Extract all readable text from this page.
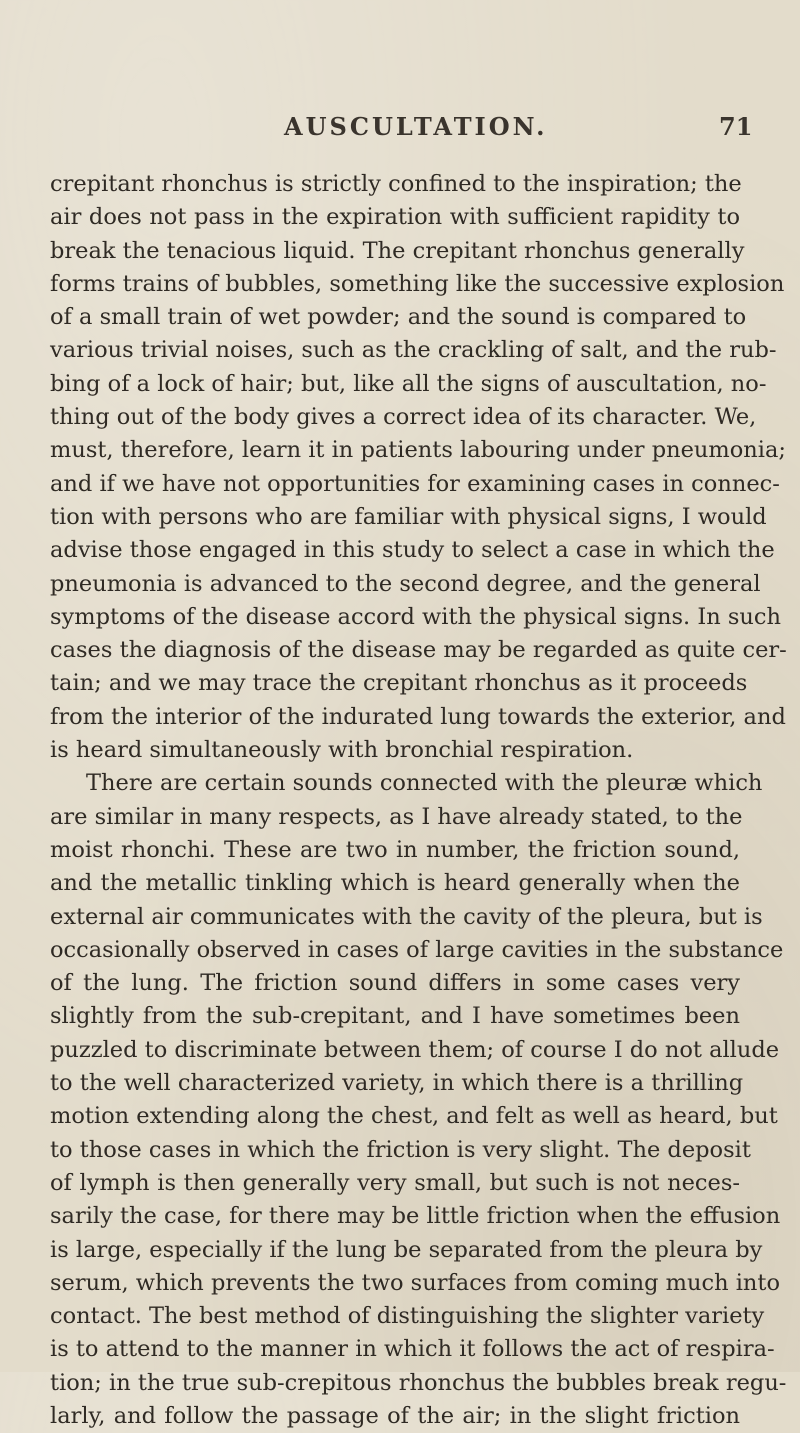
AUSCULTATION.	71
crepitant rhonchus is strictly confined to the inspiration; the
air does not pass in the expiration with sufficient rapidity to
break the tenacious liquid. The crepitant rhonchus generally
forms trains of bubbles, something like the successive explosion
of a small train of wet powder; and the sound is compared to
various trivial noises, such as the crackling of salt, and the rub-
bing of a lock of hair; but, like all the signs of auscultation, no-
thing out of the body gives a correct idea of its character. We,
must, therefore, learn it in patients labouring under pneumonia;
and if we have not opportunities for examining cases in connec-
tion with persons who are familiar with physical signs, I would
advise those engaged in this study to select a case in which the
pneumonia is advanced to the second degree, and the general
symptoms of the disease accord with the physical signs. In such
cases the diagnosis of the disease may be regarded as quite cer-
tain; and we may trace the crepitant rhonchus as it proceeds
from the interior of the indurated lung towards the exterior, and
is heard simultaneously with bronchial respiration.
There are certain sounds connected with the pleuræ which
are similar in many respects, as I have already stated, to the
moist rhonchi. These are two in number, the friction sound,
and the metallic tinkling which is heard generally when the
external air communicates with the cavity of the pleura, but is
occasionally observed in cases of large cavities in the substance
of the lung. The friction sound differs in some cases very
slightly from the sub-crepitant, and I have sometimes been
puzzled to discriminate between them; of course I do not allude
to the well characterized variety, in which there is a thrilling
motion extending along the chest, and felt as well as heard, but
to those cases in which the friction is very slight. The deposit
of lymph is then generally very small, but such is not neces-
sarily the case, for there may be little friction when the effusion
is large, especially if the lung be separated from the pleura by
serum, which prevents the two surfaces from coming much into
contact. The best method of distinguishing the slighter variety
is to attend to the manner in which it follows the act of respira-
tion; in the true sub-crepitous rhonchus the bubbles break regu-
larly, and follow the passage of the air; in the slight friction
